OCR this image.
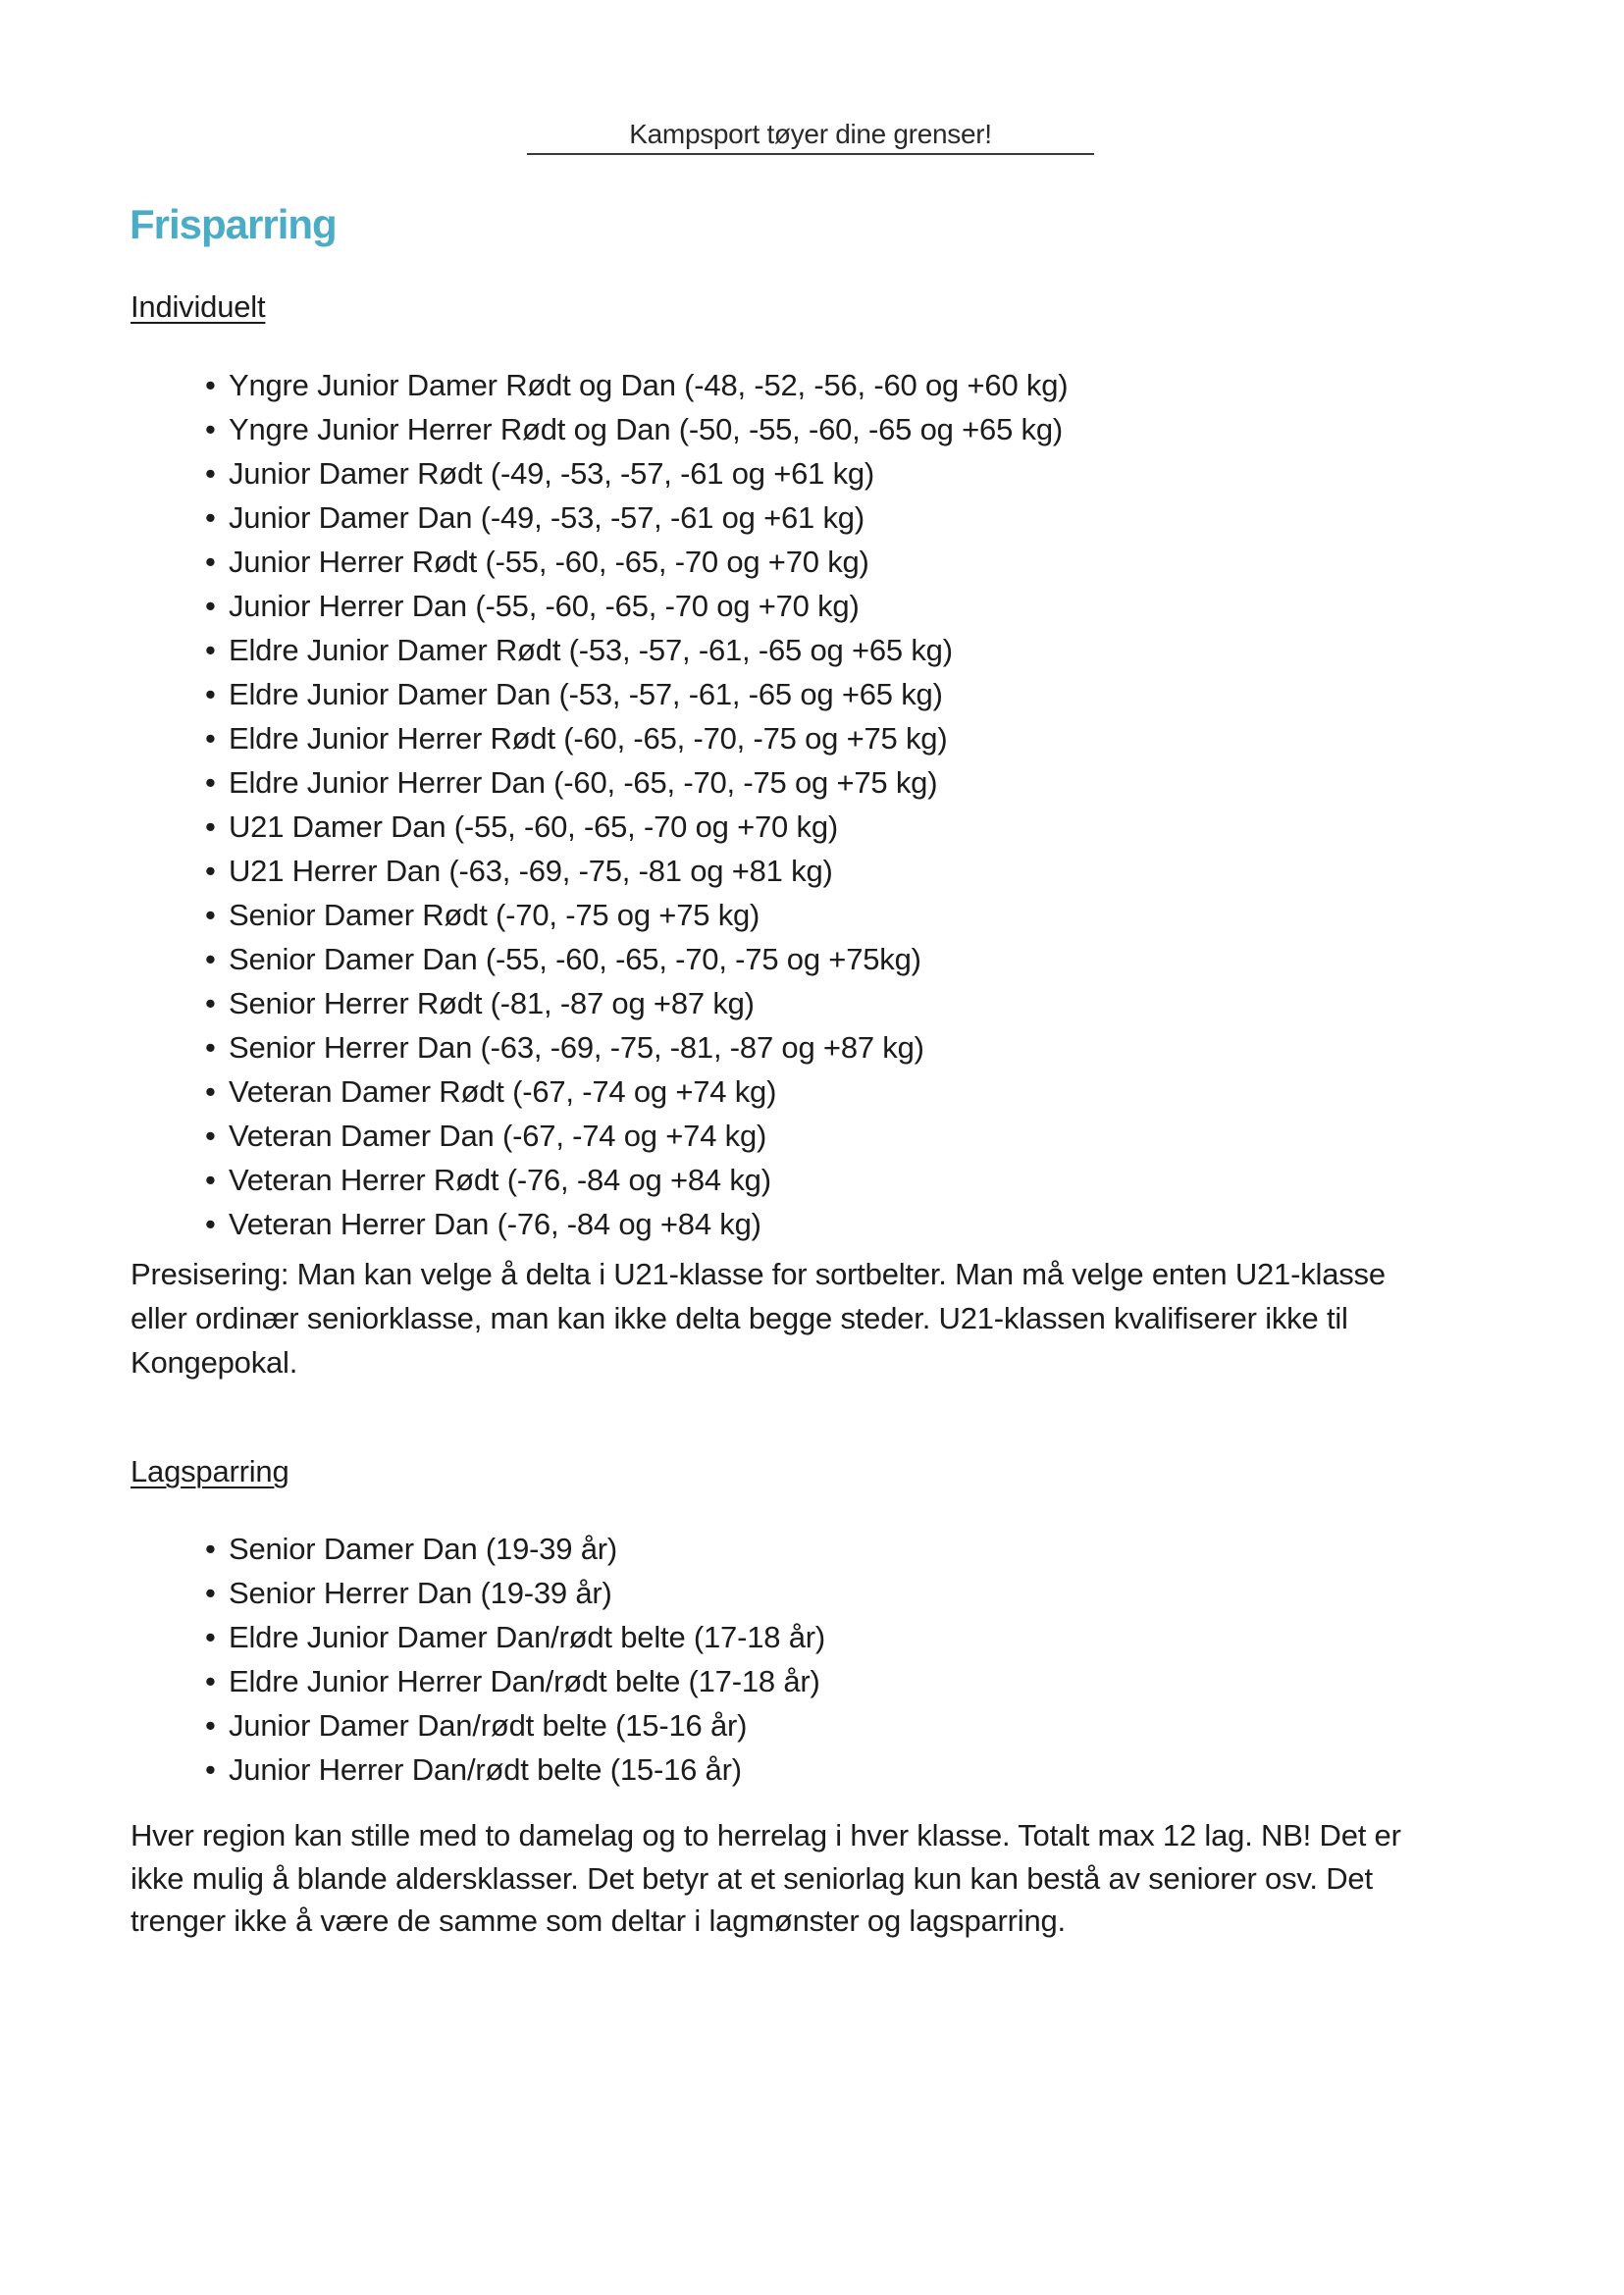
Kampsport tøyer dine grenser!
Frisparring
Individuelt
• Yngre Junior Damer Rødt og Dan (-48, -52, -56, -60 og +60 kg)
• Yngre Junior Herrer Rødt og Dan (-50, -55, -60, -65 og +65 kg)
• Junior Damer Rødt (-49, -53, -57, -61 og +61 kg)
• Junior Damer Dan (-49, -53, -57, -61 og +61 kg)
• Junior Herrer Rødt (-55, -60, -65, -70 og +70 kg)
• Junior Herrer Dan (-55, -60, -65, -70 og +70 kg)
• Eldre Junior Damer Rødt (-53, -57, -61, -65 og +65 kg)
• Eldre Junior Damer Dan (-53, -57, -61, -65 og +65 kg)
• Eldre Junior Herrer Rødt (-60, -65, -70, -75 og +75 kg)
• Eldre Junior Herrer Dan (-60, -65, -70, -75 og +75 kg)
• U21 Damer Dan (-55, -60, -65, -70 og +70 kg)
• U21 Herrer Dan (-63, -69, -75, -81 og +81 kg)
• Senior Damer Rødt (-70, -75 og +75 kg)
• Senior Damer Dan (-55, -60, -65, -70, -75 og +75kg)
• Senior Herrer Rødt (-81, -87 og +87 kg)
• Senior Herrer Dan (-63, -69, -75, -81, -87 og +87 kg)
• Veteran Damer Rødt (-67, -74 og +74 kg)
• Veteran Damer Dan (-67, -74 og +74 kg)
• Veteran Herrer Rødt (-76, -84 og +84 kg)
• Veteran Herrer Dan (-76, -84 og +84 kg)
Presisering: Man kan velge å delta i U21-klasse for sortbelter. Man må velge enten U21-klasse
eller ordinær seniorklasse, man kan ikke delta begge steder. U21-klassen kvalifiserer ikke til
Kongepokal.
Lagsparring
• Senior Damer Dan (19-39 år)
• Senior Herrer Dan (19-39 år)
• Eldre Junior Damer Dan/rødt belte (17-18 år)
• Eldre Junior Herrer Dan/rødt belte (17-18 år)
• Junior Damer Dan/rødt belte (15-16 år)
• Junior Herrer Dan/rødt belte (15-16 år)
Hver region kan stille med to damelag og to herrelag i hver klasse. Totalt max 12 lag. NB! Det er
ikke mulig å blande aldersklasser. Det betyr at et seniorlag kun kan bestå av seniorer osv. Det
trenger ikke å være de samme som deltar i lagmønster og lagsparring.
